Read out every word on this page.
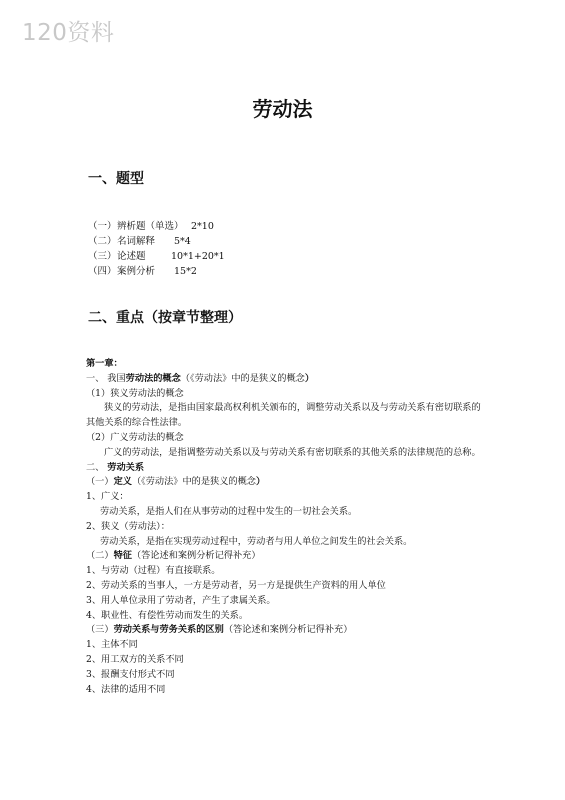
120资料
劳动法
一、题型
（一） 辨析题（单选） 2*10
（二） 名词解释	5*4
（三） 论述题	10*1+20*1
（四） 案例分析	15*2
二、重点（按章节整理）
第一章：
一、 我国劳动法的概念（《劳动法》中的是狭义的概念）
（1）狭义劳动法的概念
狭义的劳动法，是指由国家最高权利机关颁布的，调整劳动关系以及与劳动关系有密切联系的其他关系的综合性法律。
（2）广义劳动法的概念
广义的劳动法，是指调整劳动关系以及与劳动关系有密切联系的其他关系的法律规范的总称。
二、 劳动关系
（一）定义（《劳动法》中的是狭义的概念）
1、广义：
劳动关系，是指人们在从事劳动的过程中发生的一切社会关系。
2、狭义（劳动法）：
劳动关系，是指在实现劳动过程中，劳动者与用人单位之间发生的社会关系。
（二）特征（答论述和案例分析记得补充）
1、与劳动（过程）有直接联系。
2、劳动关系的当事人，一方是劳动者，另一方是提供生产资料的用人单位
3、用人单位录用了劳动者，产生了隶属关系。
4、职业性、有偿性劳动而发生的关系。
（三）劳动关系与劳务关系的区别（答论述和案例分析记得补充）
1、主体不同
2、用工双方的关系不同
3、报酬支付形式不同
4、法律的适用不同
